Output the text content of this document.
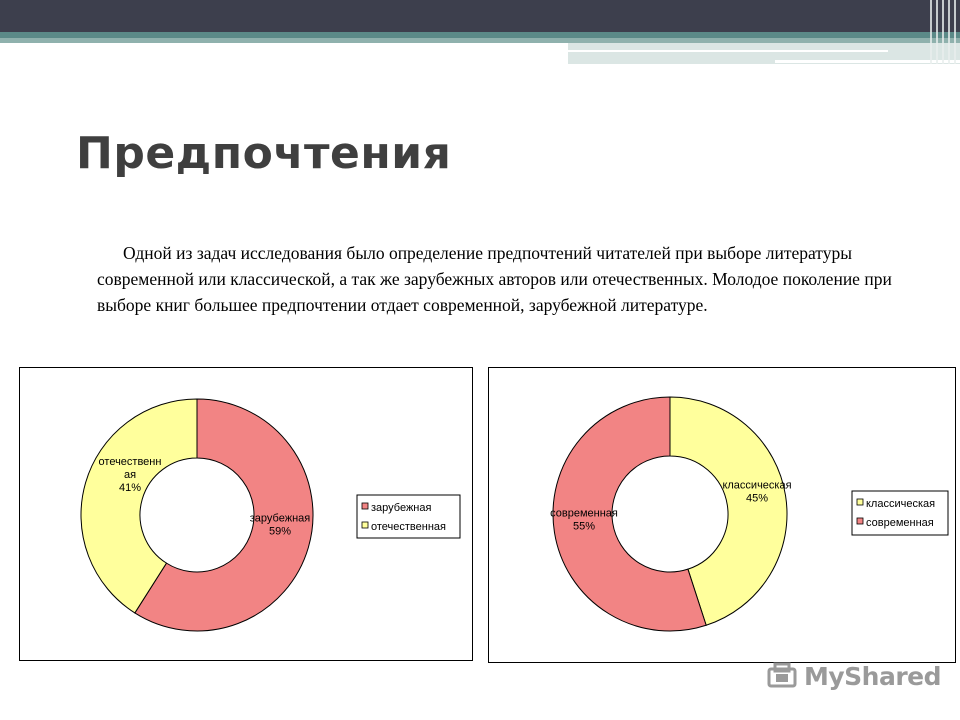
Предпочтения

Одной из задач исследования было определение предпочтений читателей при выборе литературы современной или классической, а так же зарубежных авторов или отечественных. Молодое поколение при выборе книг большее предпочтении отдает современной, зарубежной литературе.

зарубежная 59%
отечественн ая 41%
зарубежная
отечественная
классическая 45%
современная 55%
классическая
современная
MyShared
